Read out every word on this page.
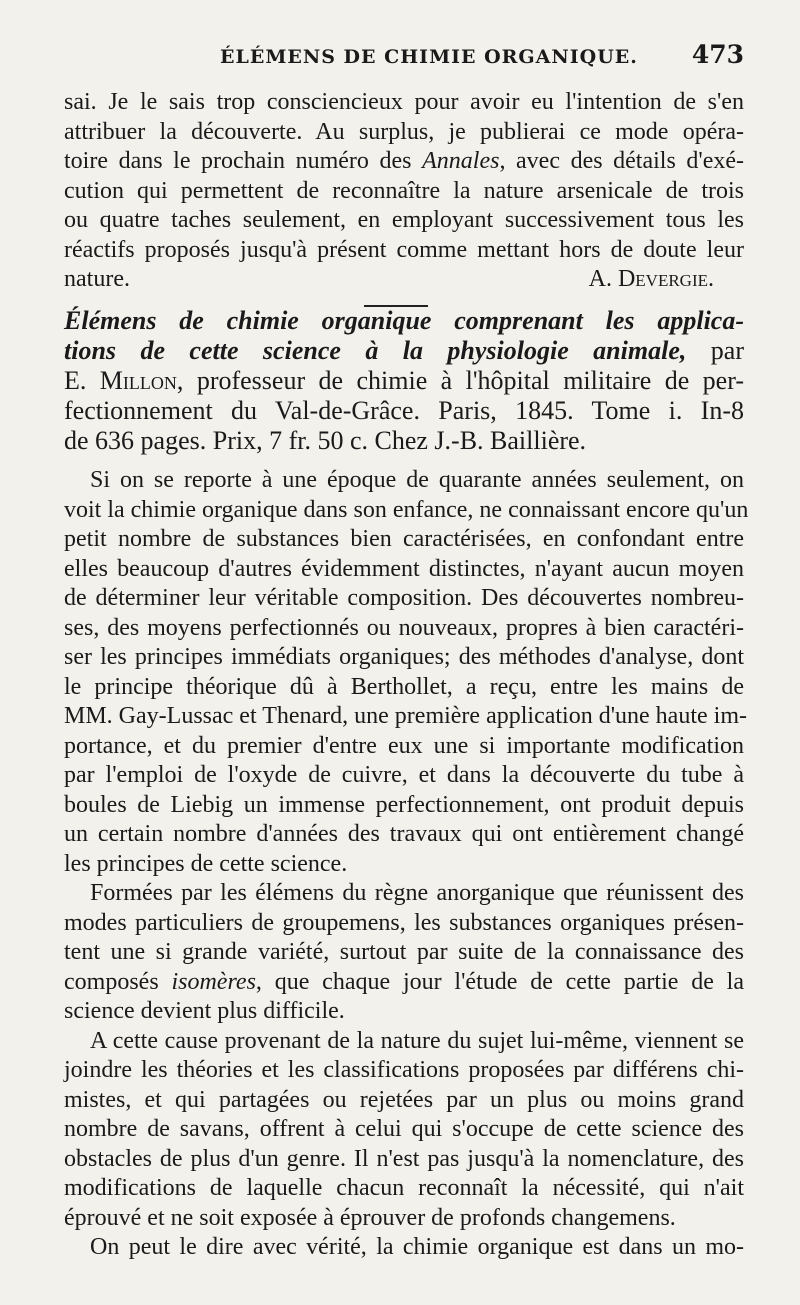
ÉLÉMENS DE CHIMIE ORGANIQUE. 473
sai. Je le sais trop consciencieux pour avoir eu l'intention de s'en
attribuer la découverte. Au surplus, je publierai ce mode opéra-
toire dans le prochain numéro des Annales, avec des détails d'exé-
cution qui permettent de reconnaître la nature arsenicale de trois
ou quatre taches seulement, en employant successivement tous les
réactifs proposés jusqu'à présent comme mettant hors de doute leur
nature.	A. Devergie.
Élémens de chimie organique comprenant les applica-
tions de cette science à la physiologie animale, par
E. Millon, professeur de chimie à l'hôpital militaire de per-
fectionnement du Val-de-Grâce. Paris, 1845. Tome i. In-8
de 636 pages. Prix, 7 fr. 50 c. Chez J.-B. Baillière.
Si on se reporte à une époque de quarante années seulement, on
voit la chimie organique dans son enfance, ne connaissant encore qu'un
petit nombre de substances bien caractérisées, en confondant entre
elles beaucoup d'autres évidemment distinctes, n'ayant aucun moyen
de déterminer leur véritable composition. Des découvertes nombreu-
ses, des moyens perfectionnés ou nouveaux, propres à bien caractéri-
ser les principes immédiats organiques; des méthodes d'analyse, dont
le principe théorique dû à Berthollet, a reçu, entre les mains de
MM. Gay-Lussac et Thenard, une première application d'une haute im-
portance, et du premier d'entre eux une si importante modification
par l'emploi de l'oxyde de cuivre, et dans la découverte du tube à
boules de Liebig un immense perfectionnement, ont produit depuis
un certain nombre d'années des travaux qui ont entièrement changé
les principes de cette science.
Formées par les élémens du règne anorganique que réunissent des
modes particuliers de groupemens, les substances organiques présen-
tent une si grande variété, surtout par suite de la connaissance des
composés isomères, que chaque jour l'étude de cette partie de la
science devient plus difficile.
A cette cause provenant de la nature du sujet lui-même, viennent se
joindre les théories et les classifications proposées par différens chi-
mistes, et qui partagées ou rejetées par un plus ou moins grand
nombre de savans, offrent à celui qui s'occupe de cette science des
obstacles de plus d'un genre. Il n'est pas jusqu'à la nomenclature, des
modifications de laquelle chacun reconnaît la nécessité, qui n'ait
éprouvé et ne soit exposée à éprouver de profonds changemens.
On peut le dire avec vérité, la chimie organique est dans un mo-
